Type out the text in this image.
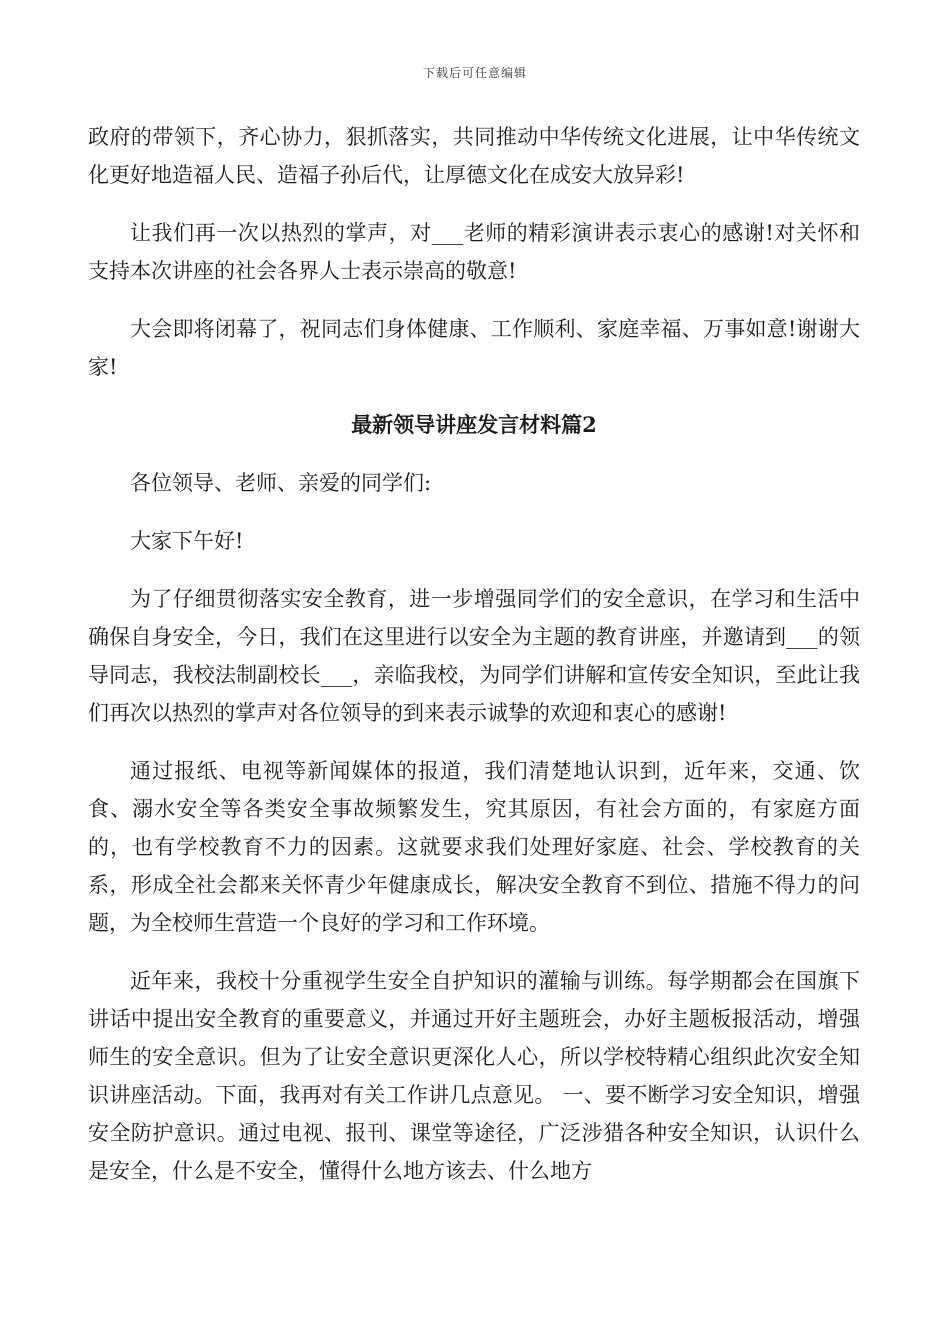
下载后可任意编辑

政府的带领下，齐心协力，狠抓落实，共同推动中华传统文化进展，让中华传统文化更好地造福人民、造福子孙后代，让厚德文化在成安大放异彩!

让我们再一次以热烈的掌声，对___老师的精彩演讲表示衷心的感谢!对关怀和支持本次讲座的社会各界人士表示崇高的敬意!

大会即将闭幕了，祝同志们身体健康、工作顺利、家庭幸福、万事如意!谢谢大家!

最新领导讲座发言材料篇2

各位领导、老师、亲爱的同学们:

大家下午好!

为了仔细贯彻落实安全教育，进一步增强同学们的安全意识，在学习和生活中确保自身安全，今日，我们在这里进行以安全为主题的教育讲座，并邀请到___的领导同志，我校法制副校长___，亲临我校，为同学们讲解和宣传安全知识，至此让我们再次以热烈的掌声对各位领导的到来表示诚挚的欢迎和衷心的感谢!

通过报纸、电视等新闻媒体的报道，我们清楚地认识到，近年来，交通、饮食、溺水安全等各类安全事故频繁发生，究其原因，有社会方面的，有家庭方面的，也有学校教育不力的因素。这就要求我们处理好家庭、社会、学校教育的关系，形成全社会都来关怀青少年健康成长，解决安全教育不到位、措施不得力的问题，为全校师生营造一个良好的学习和工作环境。

近年来，我校十分重视学生安全自护知识的灌输与训练。每学期都会在国旗下讲话中提出安全教育的重要意义，并通过开好主题班会，办好主题板报活动，增强师生的安全意识。但为了让安全意识更深化人心，所以学校特精心组织此次安全知识讲座活动。下面，我再对有关工作讲几点意见。 一、要不断学习安全知识，增强安全防护意识。通过电视、报刊、课堂等途径，广泛涉猎各种安全知识，认识什么是安全，什么是不安全，懂得什么地方该去、什么地方
